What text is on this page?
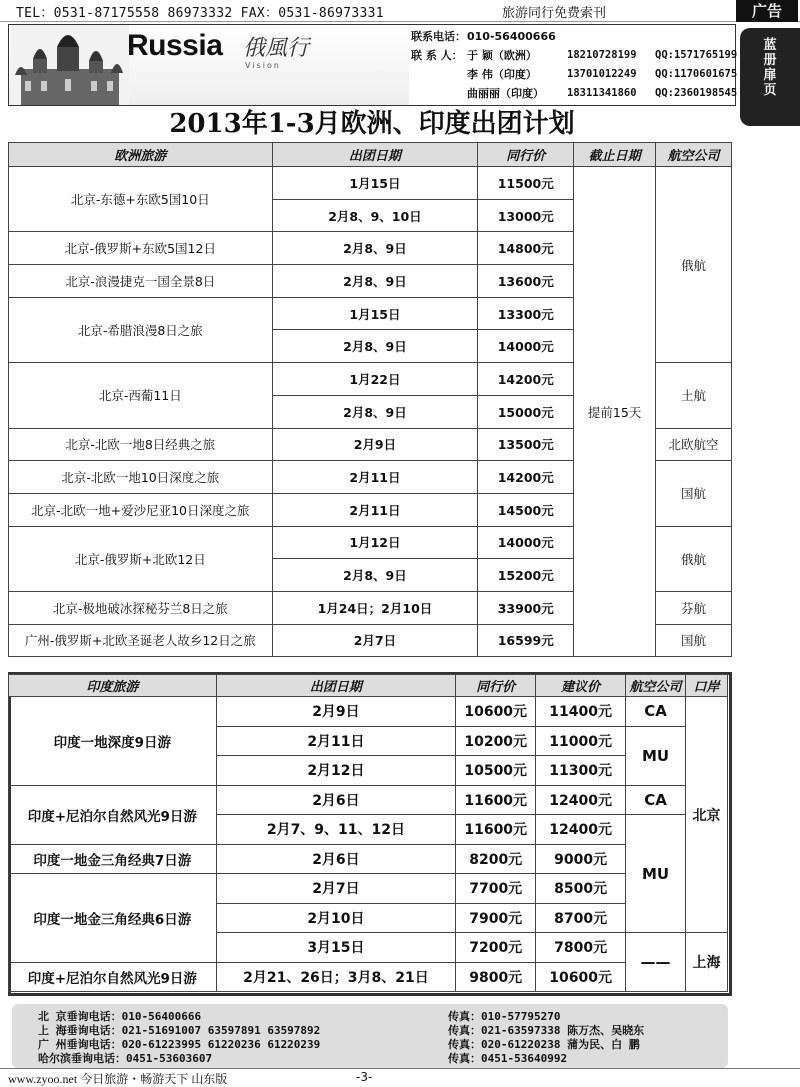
TEL：0531-87175558 86973332 FAX：0531-86973331	旅游同行免费索刊	广告
蓝
册
扉
页
Russia 俄風行
Vision
联系电话： 010-56400666
联 系 人： 于 颖（欧洲）	18210728199 QQ:1571765199
李 伟（印度）	13701012249 QQ:1170601675
曲丽丽（印度） 18311341860 QQ:2360198545
2013年1-3月欧洲、印度出团计划
欧洲旅游	出团日期	同行价	截止日期	航空公司
北京-东德+东欧5国10日	1月15日	11500元	提前15天	俄航
	2月8、9、10日	13000元		
北京-俄罗斯+东欧5国12日	2月8、9日	14800元		
北京-浪漫捷克一国全景8日	2月8、9日	13600元		
北京-希腊浪漫8日之旅	1月15日	13300元		
	2月8、9日	14000元		
北京-西葡11日	1月22日	14200元		土航
	2月8、9日	15000元		
北京-北欧一地8日经典之旅	2月9日	13500元		北欧航空
北京-北欧一地10日深度之旅	2月11日	14200元		国航
北京-北欧一地+爱沙尼亚10日深度之旅	2月11日	14500元		
北京-俄罗斯+北欧12日	1月12日	14000元		俄航
	2月8、9日	15200元		
北京-极地破冰探秘芬兰8日之旅	1月24日；2月10日	33900元		芬航
广州-俄罗斯+北欧圣诞老人故乡12日之旅	2月7日	16599元		国航
印度旅游	出团日期	同行价	建议价	航空公司	口岸
印度一地深度9日游	2月9日	10600元	11400元	CA	北京
	2月11日	10200元	11000元	MU	
	2月12日	10500元	11300元		
印度+尼泊尔自然风光9日游	2月6日	11600元	12400元	CA	
	2月7、9、11、12日	11600元	12400元	MU	
印度一地金三角经典7日游	2月6日	8200元	9000元		
印度一地金三角经典6日游	2月7日	7700元	8500元		
	2月10日	7900元	8700元		
	3月15日	7200元	7800元	——	上海
印度+尼泊尔自然风光9日游	2月21、26日；3月8、21日	9800元	10600元		
北 京垂询电话：010-56400666	传真：010-57795270
上 海垂询电话：021-51691007 63597891 63597892	传真：021-63597338 陈万杰、吴晓东
广 州垂询电话：020-61223995 61220236 61220239	传真：020-61220238 蒲为民、白 鹏
哈尔滨垂询电话：0451-53603607	传真：0451-53640992
www.zyoo.net 今日旅游・畅游天下 山东版	-3-
